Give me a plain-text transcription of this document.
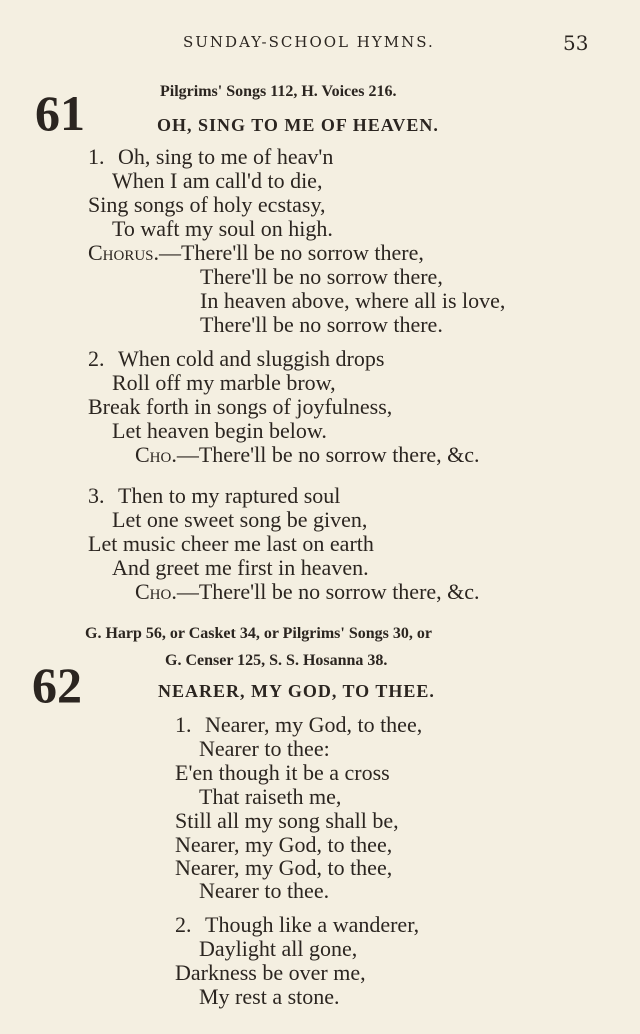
SUNDAY-SCHOOL HYMNS.	53
61	Pilgrims' Songs 112, H. Voices 216.
OH, SING TO ME OF HEAVEN.
1. Oh, sing to me of heav'n
When I am call'd to die,
Sing songs of holy ecstasy,
To waft my soul on high.
Chorus.—There'll be no sorrow there,
There'll be no sorrow there,
In heaven above, where all is love,
There'll be no sorrow there.
2. When cold and sluggish drops
Roll off my marble brow,
Break forth in songs of joyfulness,
Let heaven begin below.
Cho.—There'll be no sorrow there, &c.
3. Then to my raptured soul
Let one sweet song be given,
Let music cheer me last on earth
And greet me first in heaven.
Cho.—There'll be no sorrow there, &c.
G. Harp 56, or Casket 34, or Pilgrims' Songs 30, or
G. Censer 125, S. S. Hosanna 38.
62	NEARER, MY GOD, TO THEE.
1. Nearer, my God, to thee,
Nearer to thee:
E'en though it be a cross
That raiseth me,
Still all my song shall be,
Nearer, my God, to thee,
Nearer, my God, to thee,
Nearer to thee.
2. Though like a wanderer,
Daylight all gone,
Darkness be over me,
My rest a stone.
